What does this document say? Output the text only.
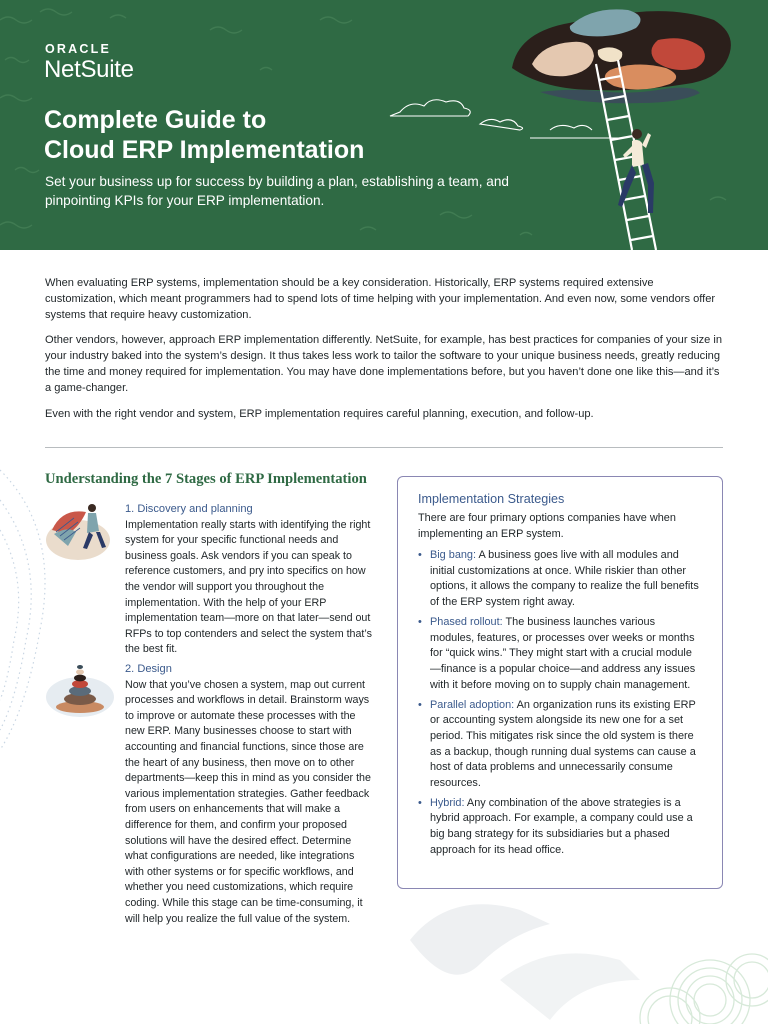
ORACLE
NetSuite
Complete Guide to
Cloud ERP Implementation

Set your business up for success by building a plan, establishing a team, and pinpointing KPIs for your ERP implementation.

When evaluating ERP systems, implementation should be a key consideration. Historically, ERP systems required extensive customization, which meant programmers had to spend lots of time helping with your implementation. And even now, some vendors offer systems that require heavy customization.

Other vendors, however, approach ERP implementation differently. NetSuite, for example, has best practices for companies of your size in your industry baked into the system’s design. It thus takes less work to tailor the software to your unique business needs, greatly reducing the time and money required for implementation. You may have done implementations before, but you haven’t done one like this—and it’s a game-changer.

Even with the right vendor and system, ERP implementation requires careful planning, execution, and follow-up.

Understanding the 7 Stages of ERP Implementation

1. Discovery and planning

Implementation really starts with identifying the right system for your specific functional needs and business goals. Ask vendors if you can speak to reference customers, and pry into specifics on how the vendor will support you throughout the implementation. With the help of your ERP implementation team—more on that later—send out RFPs to top contenders and select the system that’s the best fit.

2. Design

Now that you’ve chosen a system, map out current processes and workflows in detail. Brainstorm ways to improve or automate these processes with the new ERP. Many businesses choose to start with accounting and financial functions, since those are the heart of any business, then move on to other departments—keep this in mind as you consider the various implementation strategies. Gather feedback from users on enhancements that will make a difference for them, and confirm your proposed solutions will have the desired effect. Determine what configurations are needed, like integrations with other systems or for specific workflows, and whether you need customizations, which require coding. While this stage can be time-consuming, it will help you realize the full value of the system.

Implementation Strategies

There are four primary options companies have when implementing an ERP system.

• Big bang: A business goes live with all modules and initial customizations at once. While riskier than other options, it allows the company to realize the full benefits of the ERP system right away.
• Phased rollout: The business launches various modules, features, or processes over weeks or months for “quick wins.” They might start with a crucial module—finance is a popular choice—and address any issues with it before moving on to supply chain management.
• Parallel adoption: An organization runs its existing ERP or accounting system alongside its new one for a set period. This mitigates risk since the old system is there as a backup, though running dual systems can cause a host of data problems and unnecessarily consume resources.
• Hybrid: Any combination of the above strategies is a hybrid approach. For example, a company could use a big bang strategy for its subsidiaries but a phased approach for its head office.
